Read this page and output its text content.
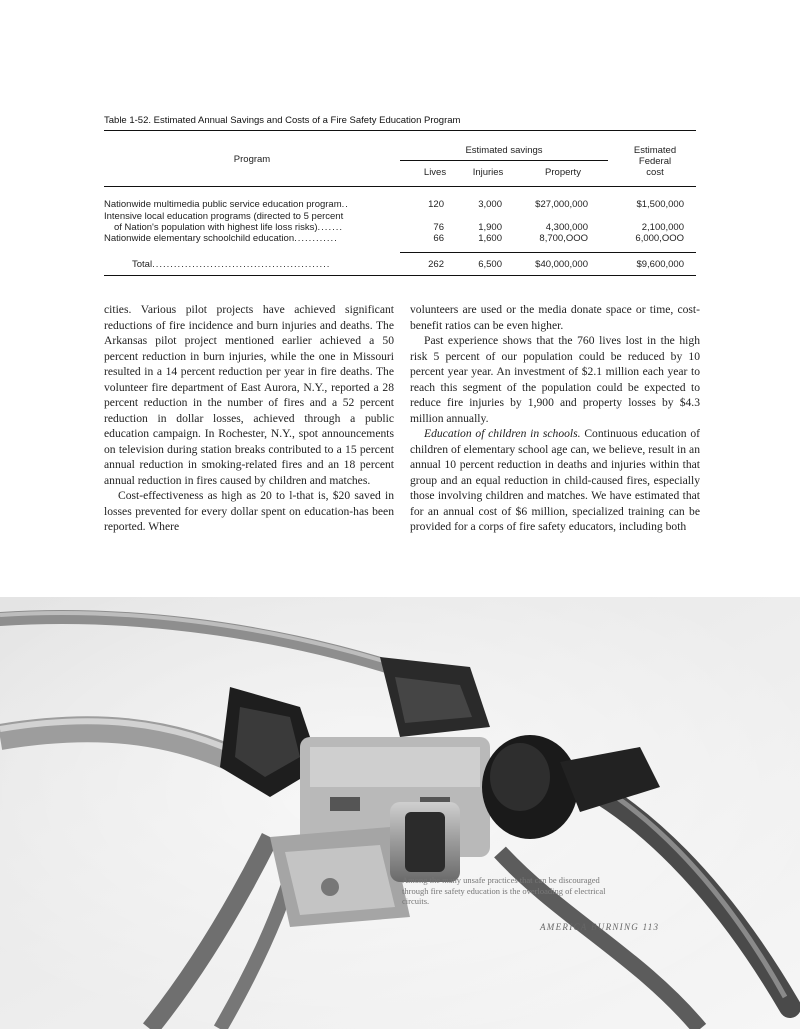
Table 1-52. Estimated Annual Savings and Costs of a Fire Safety Education Program
Program
Estimated savings
Lives	Injuries	Property
Estimated
Federal
cost
Nationwide multimedia public service education program..	120	3,000	$27,000,000	$1,500,000
Intensive local education programs (directed to 5 percent
of Nation's population with highest life loss risks).......	76	1,900	4,300,000	2,100,000
Nationwide elementary schoolchild education............	66	1,600	8,700,OOO	6,000,OOO
Total.................................................	262	6,500	$40,000,000	$9,600,000

cities. Various pilot projects have achieved significant reductions of fire incidence and burn injuries and deaths. The Arkansas pilot project mentioned earlier achieved a 50 percent reduction in burn injuries, while the one in Missouri resulted in a 14 percent reduction per year in fire deaths. The volunteer fire department of East Aurora, N.Y., reported a 28 percent reduction in the number of fires and a 52 percent reduction in dollar losses, achieved through a public education campaign. In Rochester, N.Y., spot announcements on television during station breaks contributed to a 15 percent annual reduction in smoking-related fires and an 18 percent annual reduction in fires caused by children and matches.

Cost-effectiveness as high as 20 to l-that is, $20 saved in losses prevented for every dollar spent on education-has been reported. Where

volunteers are used or the media donate space or time, cost-benefit ratios can be even higher.

Past experience shows that the 760 lives lost in the high risk 5 percent of our population could be reduced by 10 percent year year. An investment of $2.1 million each year to reach this segment of the population could be expected to reduce fire injuries by 1,900 and property losses by $4.3 million annually.

Education of children in schools. Continuous education of children of elementary school age can, we believe, result in an annual 10 percent reduction in deaths and injuries within that group and an equal reduction in child-caused fires, especially those involving children and matches. We have estimated that for an annual cost of $6 million, specialized training can be provided for a corps of fire safety educators, including both

Among the many unsafe practices that can be discouraged through fire safety education is the overloading of electrical circuits.
AMERICA BURNING 113
